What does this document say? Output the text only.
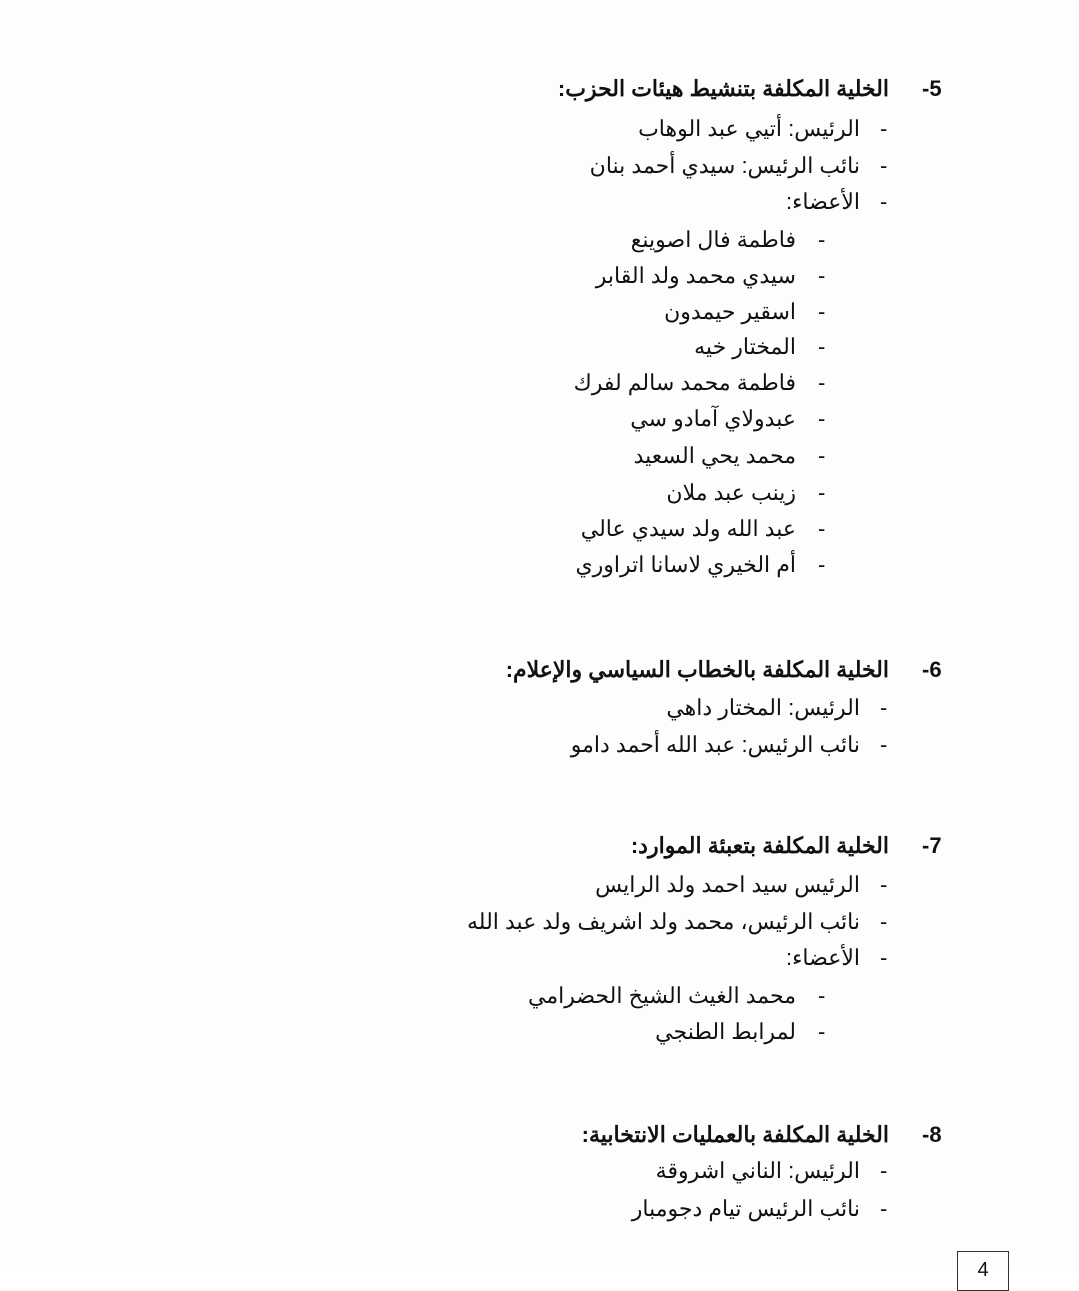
-5
الخلية المكلفة بتنشيط هيئات الحزب:
-
الرئيس: أتيي عبد الوهاب
-
نائب الرئيس: سيدي أحمد بنان
-
الأعضاء:
-
فاطمة فال اصوينع
-
سيدي محمد ولد القابر
-
اسقير حيمدون
-
المختار خيه
-
فاطمة محمد سالم لفرك
-
عبدولاي آمادو سي
-
محمد يحي السعيد
-
زينب عبد ملان
-
عبد الله ولد سيدي عالي
-
أم الخيري لاسانا اتراوري
-6
الخلية المكلفة بالخطاب السياسي والإعلام:
-
الرئيس: المختار داهي
-
نائب الرئيس: عبد الله أحمد دامو
-7
الخلية المكلفة بتعبئة الموارد:
-
الرئيس سيد احمد ولد الرايس
-
نائب الرئيس، محمد ولد اشريف ولد عبد الله
-
الأعضاء:
-
محمد الغيث الشيخ الحضرامي
-
لمرابط الطنجي
-8
الخلية المكلفة بالعمليات الانتخابية:
-
الرئيس: الناني اشروقة
-
نائب الرئيس تيام دجومبار
4
